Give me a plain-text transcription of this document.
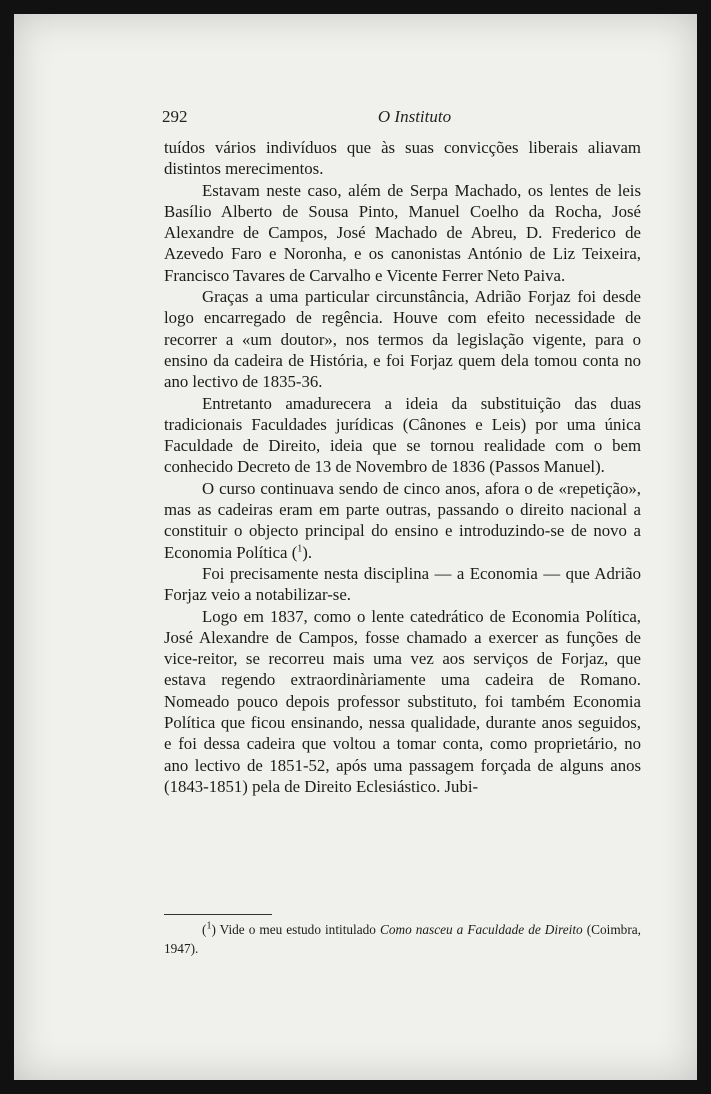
292	O Instituto

tuídos vários indivíduos que às suas convicções liberais aliavam distintos merecimentos.

Estavam neste caso, além de Serpa Machado, os lentes de leis Basílio Alberto de Sousa Pinto, Manuel Coelho da Rocha, José Alexandre de Campos, José Machado de Abreu, D. Frederico de Azevedo Faro e Noronha, e os canonistas António de Liz Teixeira, Francisco Tavares de Carvalho e Vicente Ferrer Neto Paiva.

Graças a uma particular circunstância, Adrião Forjaz foi desde logo encarregado de regência. Houve com efeito necessidade de recorrer a «um doutor», nos termos da legislação vigente, para o ensino da cadeira de História, e foi Forjaz quem dela tomou conta no ano lectivo de 1835-36.

Entretanto amadurecera a ideia da substituição das duas tradicionais Faculdades jurídicas (Cânones e Leis) por uma única Faculdade de Direito, ideia que se tornou realidade com o bem conhecido Decreto de 13 de Novembro de 1836 (Passos Manuel).

O curso continuava sendo de cinco anos, afora o de «repetição», mas as cadeiras eram em parte outras, passando o direito nacional a constituir o objecto principal do ensino e introduzindo-se de novo a Economia Política ($^1$).

Foi precisamente nesta disciplina — a Economia — que Adrião Forjaz veio a notabilizar-se.

Logo em 1837, como o lente catedrático de Economia Política, José Alexandre de Campos, fosse chamado a exercer as funções de vice-reitor, se recorreu mais uma vez aos serviços de Forjaz, que estava regendo extraordinàriamente uma cadeira de Romano. Nomeado pouco depois professor substituto, foi também Economia Política que ficou ensinando, nessa qualidade, durante anos seguidos, e foi dessa cadeira que voltou a tomar conta, como proprietário, no ano lectivo de 1851-52, após uma passagem forçada de alguns anos (1843-1851) pela de Direito Eclesiástico. Jubi-

($^1$) Vide o meu estudo intitulado Como nasceu a Faculdade de Direito (Coimbra, 1947).
